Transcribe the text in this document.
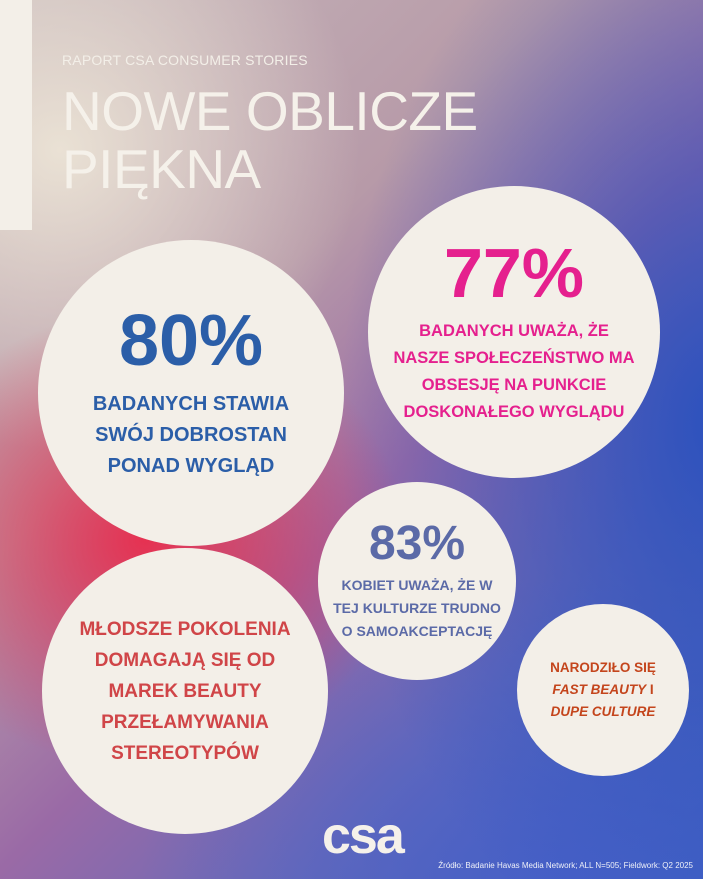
RAPORT CSA CONSUMER STORIES
NOWE OBLICZE
PIĘKNA
80%
BADANYCH STAWIA SWÓJ DOBROSTAN PONAD WYGLĄD
77%
BADANYCH UWAŻA, ŻE NASZE SPOŁECZEŃSTWO MA OBSESJĘ NA PUNKCIE DOSKONAŁEGO WYGLĄDU
83%
KOBIET UWAŻA, ŻE W TEJ KULTURZE TRUDNO O SAMOAKCEPTACJĘ
MŁODSZE POKOLENIA DOMAGAJĄ SIĘ OD MAREK BEAUTY PRZEŁAMYWANIA STEREOTYPÓW
NARODZIŁO SIĘ
FAST BEAUTY I
DUPE CULTURE
csa
Źródło: Badanie Havas Media Network; ALL N=505; Fieldwork: Q2 2025
